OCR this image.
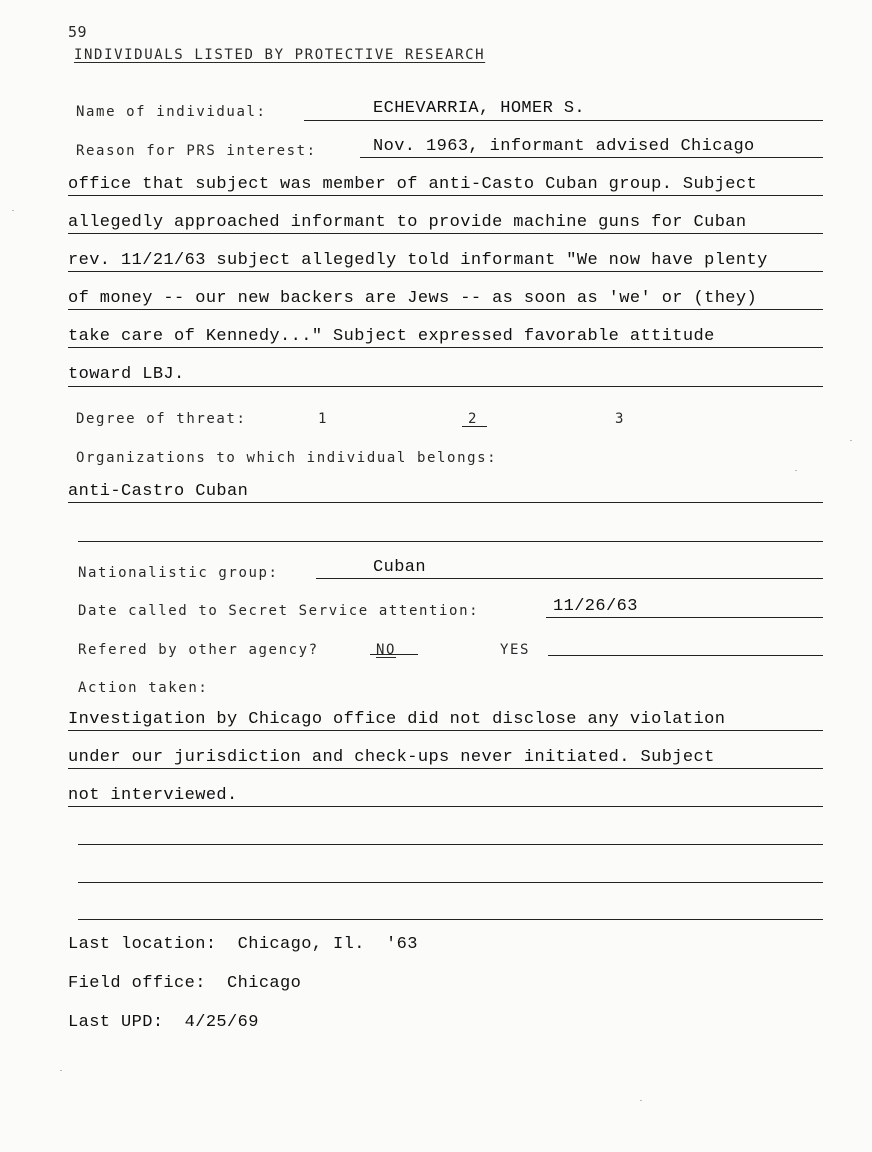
59
INDIVIDUALS LISTED BY PROTECTIVE RESEARCH
Name of individual:	ECHEVARRIA, HOMER S.
Reason for PRS interest:	Nov. 1963, informant advised Chicago
office that subject was member of anti-Casto Cuban group. Subject
allegedly approached informant to provide machine guns for Cuban
rev. 11/21/63 subject allegedly told informant "We now have plenty
of money -- our new backers are Jews -- as soon as 'we' or (they)
take care of Kennedy..." Subject expressed favorable attitude
toward LBJ.
Degree of threat:	1	2	3
Organizations to which individual belongs:
anti-Castro Cuban
Nationalistic group:	Cuban
Date called to Secret Service attention:	11/26/63
Refered by other agency?	NO	YES
Action taken:
Investigation by Chicago office did not disclose any violation
under our jurisdiction and check-ups never initiated. Subject
not interviewed.
Last location:  Chicago, Il.  '63
Field office:  Chicago
Last UPD:  4/25/69
